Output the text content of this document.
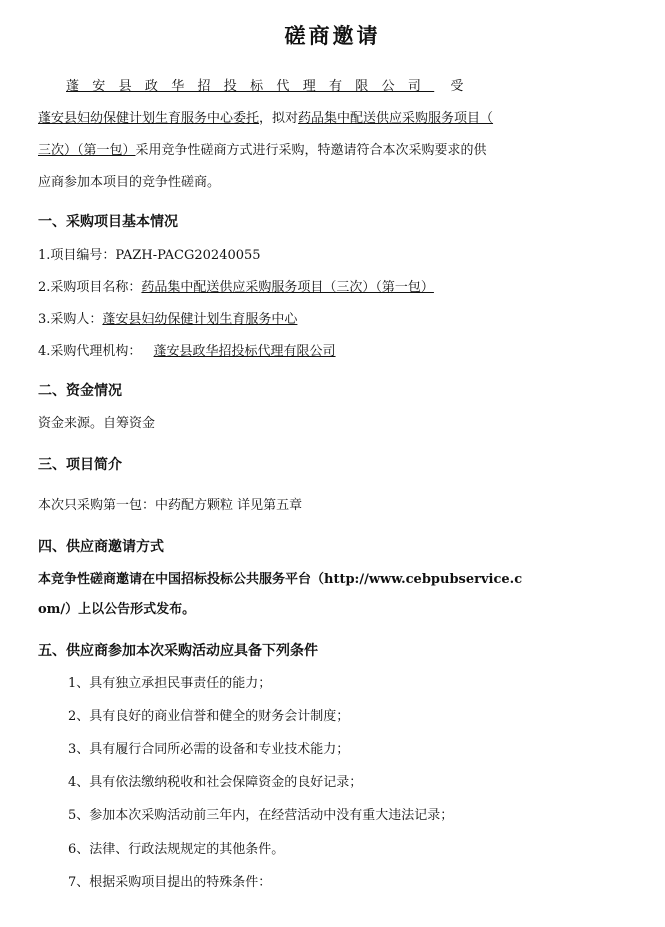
磋商邀请
蓬安县政华招投标代理有限公司 受
蓬安县妇幼保健计划生育服务中心委托，拟对药品集中配送供应采购服务项目（
三次）（第一包）采用竞争性磋商方式进行采购，特邀请符合本次采购要求的供
应商参加本项目的竞争性磋商。
一、采购项目基本情况
1.项目编号：PAZH-PACG20240055
2.采购项目名称：药品集中配送供应采购服务项目（三次）（第一包）
3.采购人：蓬安县妇幼保健计划生育服务中心
4.采购代理机构： 蓬安县政华招投标代理有限公司
二、资金情况
资金来源。自筹资金
三、项目简介
本次只采购第一包：中药配方颗粒 详见第五章
四、供应商邀请方式
本竞争性磋商邀请在中国招标投标公共服务平台（http://www.cebpubservice.c
om/）上以公告形式发布。
五、供应商参加本次采购活动应具备下列条件
1、具有独立承担民事责任的能力；
2、具有良好的商业信誉和健全的财务会计制度；
3、具有履行合同所必需的设备和专业技术能力；
4、具有依法缴纳税收和社会保障资金的良好记录；
5、参加本次采购活动前三年内，在经营活动中没有重大违法记录；
6、法律、行政法规规定的其他条件。
7、根据采购项目提出的特殊条件：
